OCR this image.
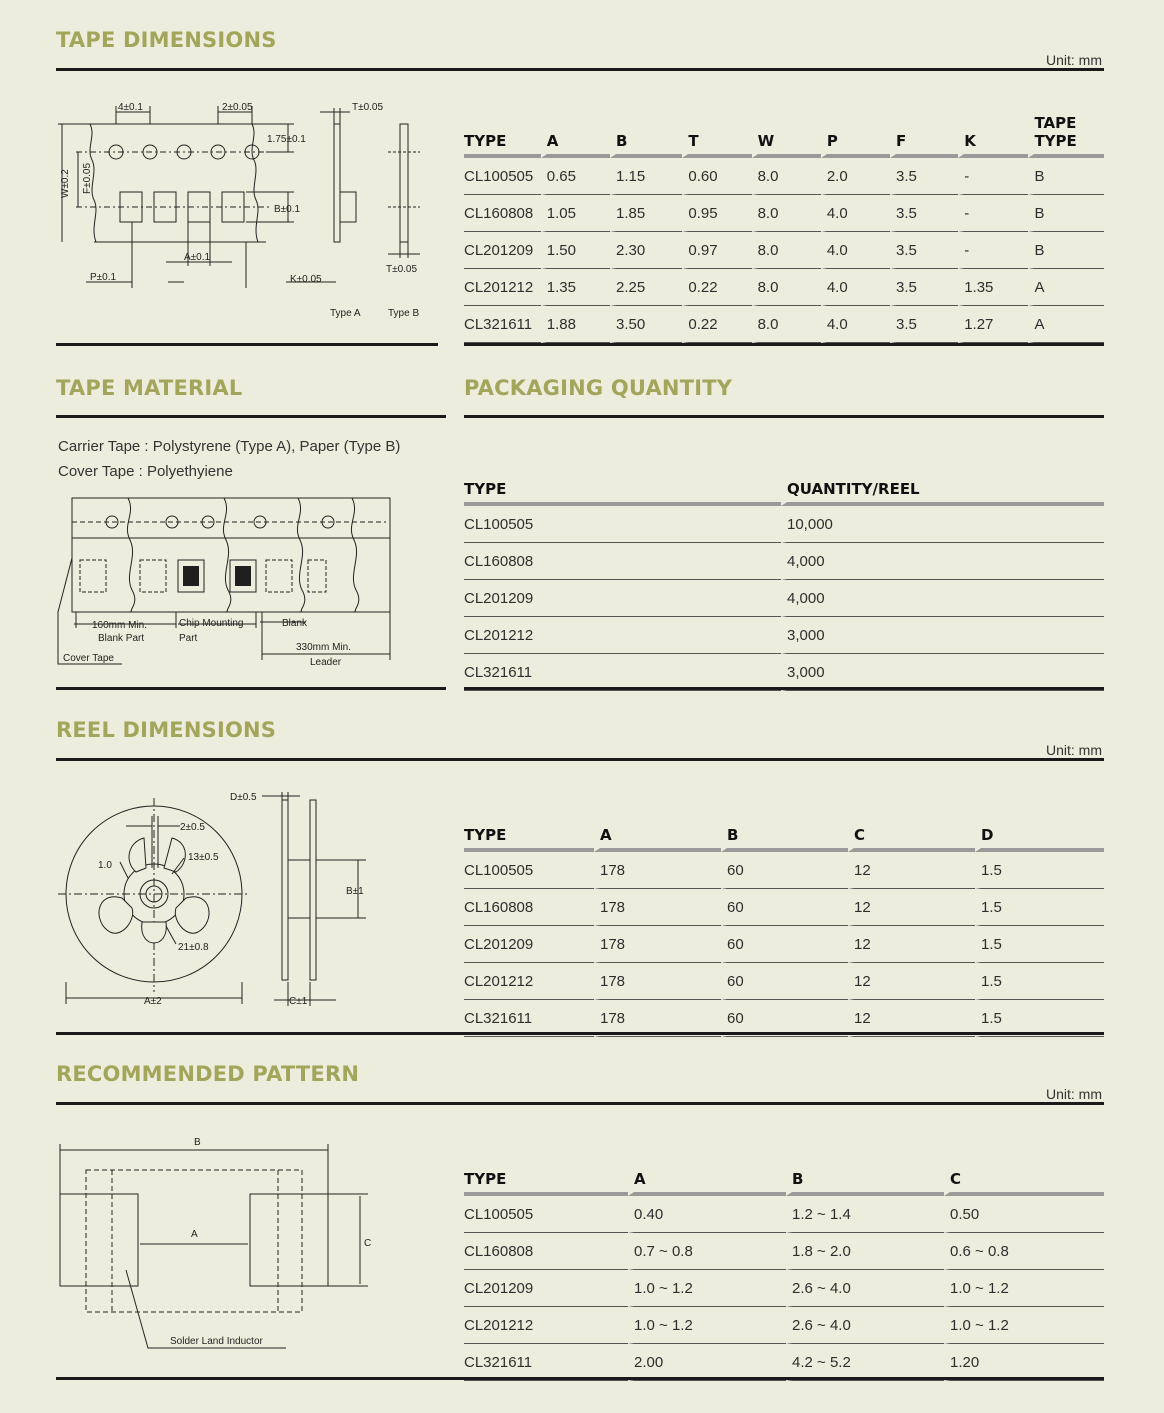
TAPE DIMENSIONS
Unit: mm
4±0.1	2±0.05	T±0.05
1.75±0.1
W±0.2 F±0.05
B±0.1
A±0.1
P±0.1	K±0.05
T±0.05
Type A	Type B
TYPE	A	B	T	W	P	F	K	TAPE TYPE

CL100505	0.65	1.15	0.60	8.0	2.0	3.5	-	B

CL160808	1.05	1.85	0.95	8.0	4.0	3.5	-	B

CL201209	1.50	2.30	0.97	8.0	4.0	3.5	-	B

CL201212	1.35	2.25	0.22	8.0	4.0	3.5	1.35	A

CL321611	1.88	3.50	0.22	8.0	4.0	3.5	1.27	A
TAPE MATERIAL
Carrier Tape : Polystyrene (Type A), Paper (Type B)
Cover Tape : Polyethyiene
160mm Min.
Blank Part
Chip Mounting
Part
Blank
330mm Min.
Leader
Cover Tape
PACKAGING QUANTITY
TYPE	QUANTITY/REEL

CL100505	10,000

CL160808	4,000

CL201209	4,000

CL201212	3,000

CL321611	3,000
REEL DIMENSIONS
Unit: mm
D±0.5
2±0.5
1.0
13±0.5
21±0.8
A±2	C±1
B±1
TYPE	A	B	C	D

CL100505	178	60	12	1.5

CL160808	178	60	12	1.5

CL201209	178	60	12	1.5

CL201212	178	60	12	1.5

CL321611	178	60	12	1.5
RECOMMENDED PATTERN
Unit: mm
B
A
C
Solder Land Inductor
TYPE	A	B	C

CL100505	0.40	1.2 ~ 1.4	0.50

CL160808	0.7 ~ 0.8	1.8 ~ 2.0	0.6 ~ 0.8

CL201209	1.0 ~ 1.2	2.6 ~ 4.0	1.0 ~ 1.2

CL201212	1.0 ~ 1.2	2.6 ~ 4.0	1.0 ~ 1.2

CL321611	2.00	4.2 ~ 5.2	1.20
